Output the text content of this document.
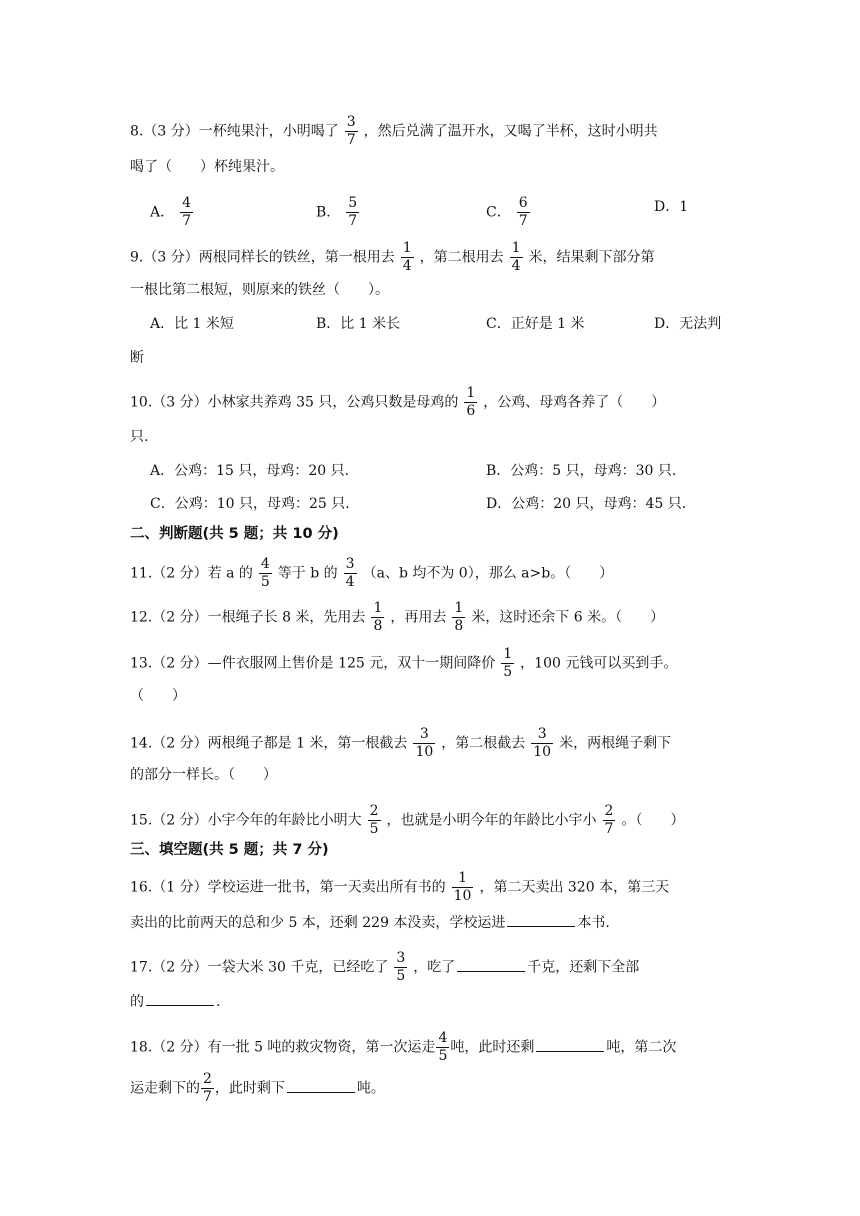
8.（3 分）一杯纯果汁，小明喝了 $\frac{3}{7}$ ，然后兑满了温开水，又喝了半杯，这时小明共
喝了（　　）杯纯果汁。
A． $\frac{4}{7}$	B． $\frac{5}{7}$	C． $\frac{6}{7}$	D．1
9.（3 分）两根同样长的铁丝，第一根用去 $\frac{1}{4}$ ，第二根用去 $\frac{1}{4}$ 米，结果剩下部分第
一根比第二根短，则原来的铁丝（　　）。
A．比 1 米短	B．比 1 米长	C．正好是 1 米	D．无法判
断
10.（3 分）小林家共养鸡 35 只，公鸡只数是母鸡的 $\frac{1}{6}$ ，公鸡、母鸡各养了（　　）
只.
A．公鸡：15 只，母鸡：20 只.	B．公鸡：5 只，母鸡：30 只.
C．公鸡：10 只，母鸡：25 只.	D．公鸡：20 只，母鸡：45 只.
二、判断题(共 5 题；共 10 分)
11.（2 分）若 a 的 $\frac{4}{5}$ 等于 b 的 $\frac{3}{4} (a$、b 均不为 0），那么 a>b。（　　）
12.（2 分）一根绳子长 8 米，先用去 $\frac{1}{8}$ ，再用去 $\frac{1}{8}$ 米，这时还余下 6 米。（　　）
13.（2 分）—件衣服网上售价是 125 元，双十一期间降价 $\frac{1}{5}$ ，100 元钱可以买到手。
（　　）
14.（2 分）两根绳子都是 1 米，第一根截去 $\frac{3}{10}$ ，第二根截去 $\frac{3}{10}$ 米，两根绳子剩下
的部分一样长。（　　）
15.（2 分）小宇今年的年龄比小明大 $\frac{2}{5}$ ，也就是小明今年的年龄比小宇小 $\frac{2}{7}$ 。（　　）
三、填空题(共 5 题；共 7 分)
16.（1 分）学校运进一批书，第一天卖出所有书的 $\frac{1}{10}$ ，第二天卖出 320 本，第三天
卖出的比前两天的总和少 5 本，还剩 229 本没卖，学校运进	本书.
17.（2 分）一袋大米 30 千克，已经吃了 $\frac{3}{5}$ ，吃了	千克，还剩下全部
的	.
18.（2 分）有一批 5 吨的救灾物资，第一次运走 $\frac{4}{5}$ 吨，此时还剩	吨，第二次
运走剩下的 $\frac{2}{7}$ ，此时剩下	吨。
